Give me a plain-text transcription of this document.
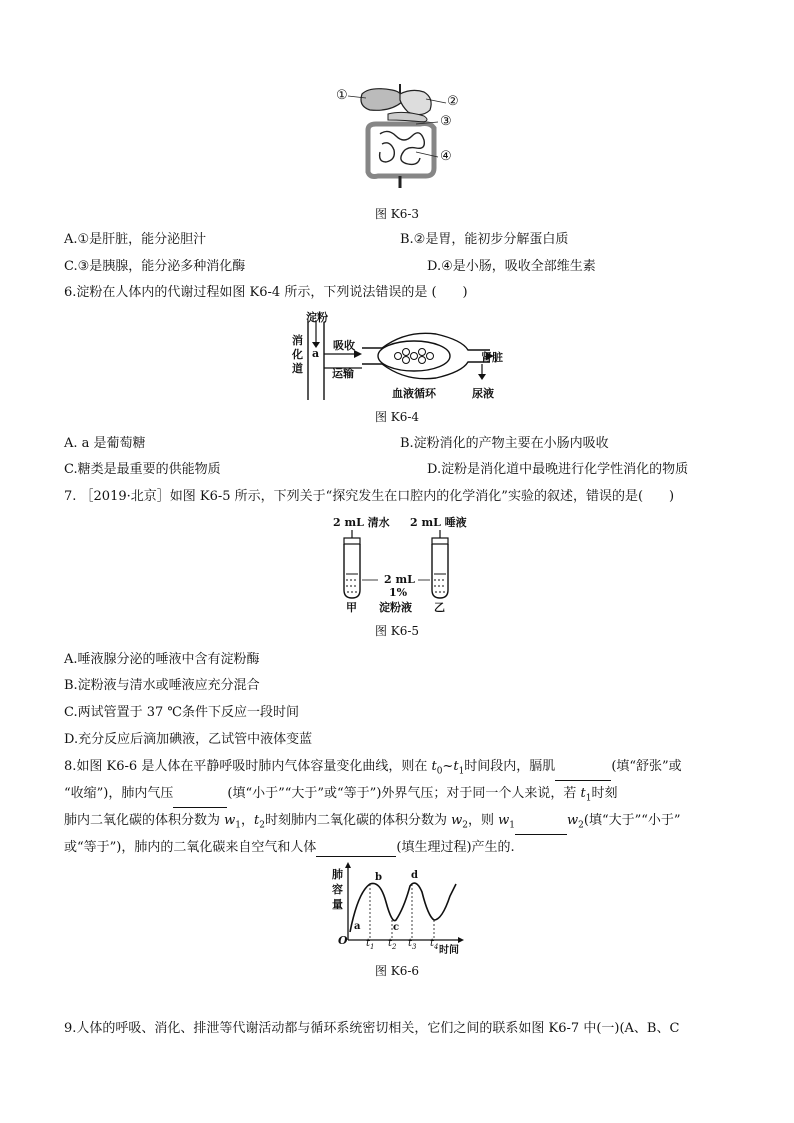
①	②
③
④
图 K6-3
A.①是肝脏，能分泌胆汁	B.②是胃，能初步分解蛋白质
C.③是胰腺，能分泌多种消化酶	D.④是小肠，吸收全部维生素
6.淀粉在人体内的代谢过程如图 K6-4 所示，下列说法错误的是 (　　)
淀粉
消
化
道
a
吸收
运输
血液循环
肾脏
尿液
图 K6-4
A. a 是葡萄糖	B.淀粉消化的产物主要在小肠内吸收
C.糖类是最重要的供能物质	D.淀粉是消化道中最晚进行化学性消化的物质
7. ［2019·北京］如图 K6-5 所示，下列关于“探究发生在口腔内的化学消化”实验的叙述，错误的是(　　)
2 mL 清水 2 mL 唾液
2 mL
1%
淀粉液
甲	乙
图 K6-5
A.唾液腺分泌的唾液中含有淀粉酶
B.淀粉液与清水或唾液应充分混合
C.两试管置于 37 ℃条件下反应一段时间
D.充分反应后滴加碘液，乙试管中液体变蓝
8.如图 K6-6 是人体在平静呼吸时肺内气体容量变化曲线，则在 $t_0\sim t_1$时间段内，膈肌	(填“舒张”或
“收缩”)，肺内气压	(填“小于”“大于”或“等于”)外界气压；对于同一个人来说，若 $t_1$时刻
肺内二氧化碳的体积分数为 $w_1$，$t_2$时刻肺内二氧化碳的体积分数为 $w_2$，则 $w_1$	$w_2$(填“大于”“小于”
或“等于”)，肺内的二氧化碳来自空气和人体	(填生理过程)产生的.
肺
容
量
O
a
b
c
d
$t_1$ $t_2$ $t_3$ $t_4$ 时间
图 K6-6
9.人体的呼吸、消化、排泄等代谢活动都与循环系统密切相关，它们之间的联系如图 K6-7 中(一)(A、B、C
